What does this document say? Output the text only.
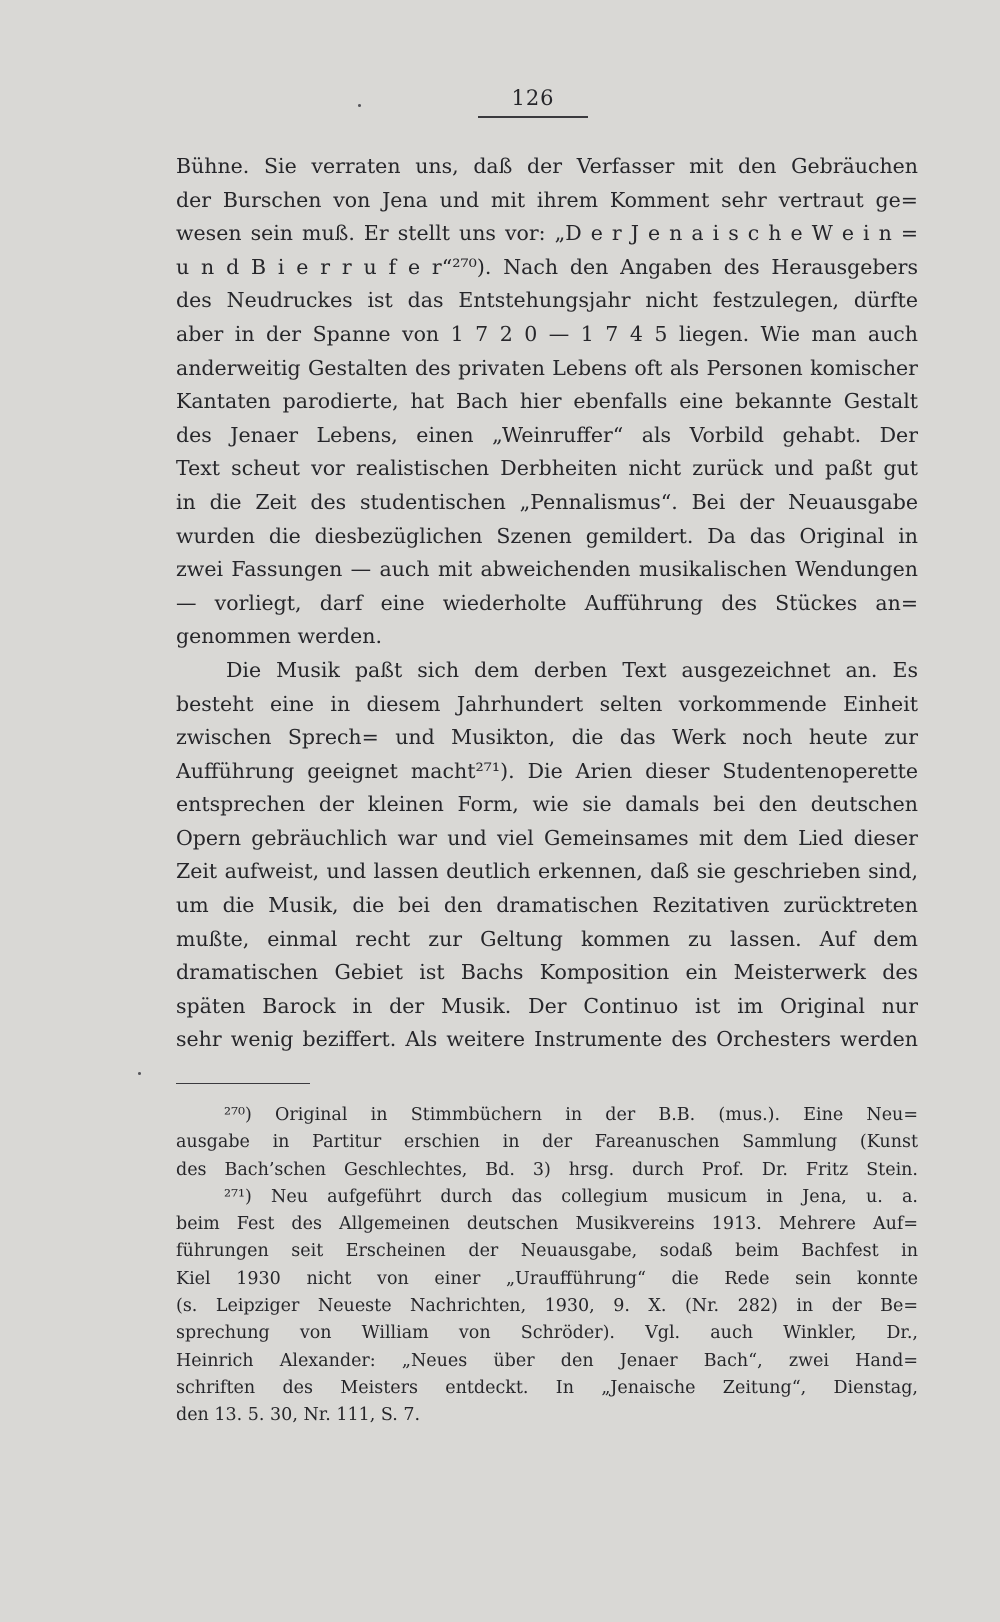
126
Bühne. Sie verraten uns, daß der Verfasser mit den Gebräuchen
der Burschen von Jena und mit ihrem Komment sehr vertraut ge=
wesen sein muß. Er stellt uns vor: „D e r J e n a i s c h e W e i n =
u n d B i e r r u f e r“²⁷⁰). Nach den Angaben des Herausgebers
des Neudruckes ist das Entstehungsjahr nicht festzulegen, dürfte
aber in der Spanne von 1 7 2 0 — 1 7 4 5 liegen. Wie man auch
anderweitig Gestalten des privaten Lebens oft als Personen komischer
Kantaten parodierte, hat Bach hier ebenfalls eine bekannte Gestalt
des Jenaer Lebens, einen „Weinruffer“ als Vorbild gehabt. Der
Text scheut vor realistischen Derbheiten nicht zurück und paßt gut
in die Zeit des studentischen „Pennalismus“. Bei der Neuausgabe
wurden die diesbezüglichen Szenen gemildert. Da das Original in
zwei Fassungen — auch mit abweichenden musikalischen Wendungen
— vorliegt, darf eine wiederholte Aufführung des Stückes an=
genommen werden.
Die Musik paßt sich dem derben Text ausgezeichnet an. Es
besteht eine in diesem Jahrhundert selten vorkommende Einheit
zwischen Sprech= und Musikton, die das Werk noch heute zur
Aufführung geeignet macht²⁷¹). Die Arien dieser Studentenoperette
entsprechen der kleinen Form, wie sie damals bei den deutschen
Opern gebräuchlich war und viel Gemeinsames mit dem Lied dieser
Zeit aufweist, und lassen deutlich erkennen, daß sie geschrieben sind,
um die Musik, die bei den dramatischen Rezitativen zurücktreten
mußte, einmal recht zur Geltung kommen zu lassen. Auf dem
dramatischen Gebiet ist Bachs Komposition ein Meisterwerk des
späten Barock in der Musik. Der Continuo ist im Original nur
sehr wenig beziffert. Als weitere Instrumente des Orchesters werden
²⁷⁰) Original in Stimmbüchern in der B.B. (mus.). Eine Neu=
ausgabe in Partitur erschien in der Fareanuschen Sammlung (Kunst
des Bach’schen Geschlechtes, Bd. 3) hrsg. durch Prof. Dr. Fritz Stein.
²⁷¹) Neu aufgeführt durch das collegium musicum in Jena, u. a.
beim Fest des Allgemeinen deutschen Musikvereins 1913. Mehrere Auf=
führungen seit Erscheinen der Neuausgabe, sodaß beim Bachfest in
Kiel 1930 nicht von einer „Uraufführung“ die Rede sein konnte
(s. Leipziger Neueste Nachrichten, 1930, 9. X. (Nr. 282) in der Be=
sprechung von William von Schröder). Vgl. auch Winkler, Dr.,
Heinrich Alexander: „Neues über den Jenaer Bach“, zwei Hand=
schriften des Meisters entdeckt. In „Jenaische Zeitung“, Dienstag,
den 13. 5. 30, Nr. 111, S. 7.
